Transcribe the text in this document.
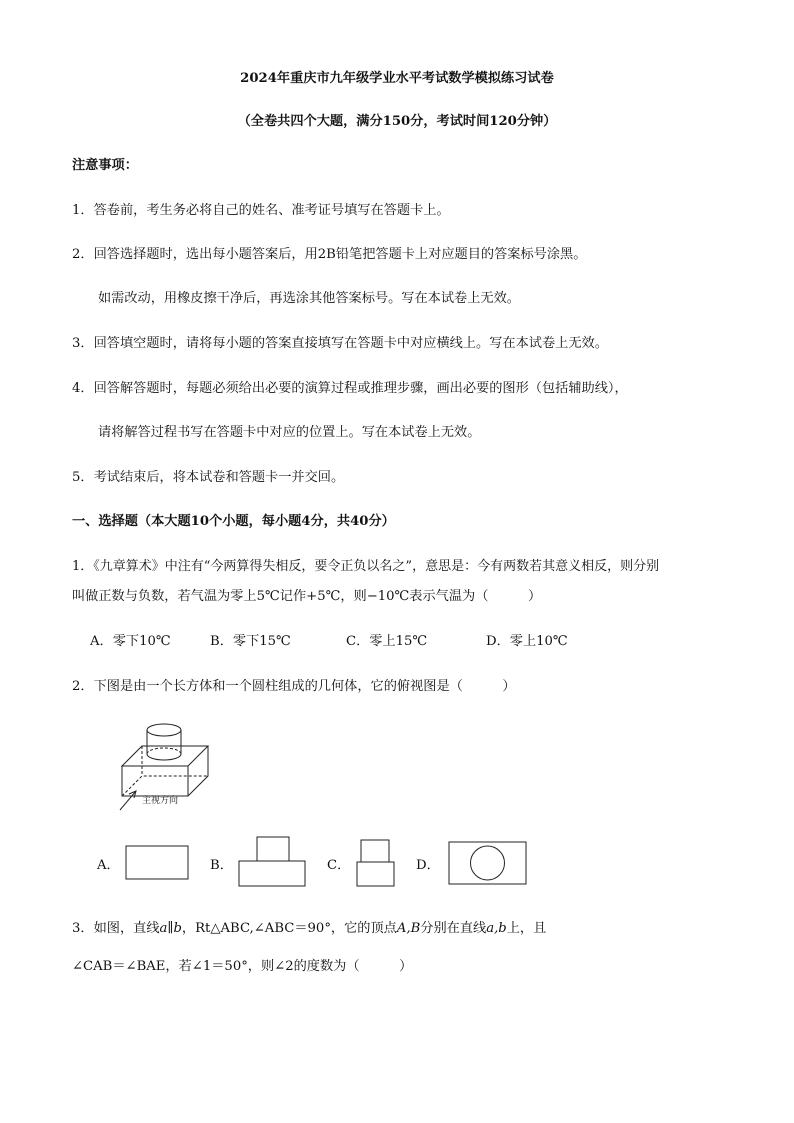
2024年重庆市九年级学业水平考试数学模拟练习试卷
（全卷共四个大题，满分150分，考试时间120分钟）
注意事项：
1．答卷前，考生务必将自己的姓名、准考证号填写在答题卡上。
2．回答选择题时，选出每小题答案后，用2B铅笔把答题卡上对应题目的答案标号涂黑。
如需改动，用橡皮擦干净后，再选涂其他答案标号。写在本试卷上无效。
3．回答填空题时，请将每小题的答案直接填写在答题卡中对应横线上。写在本试卷上无效。
4．回答解答题时，每题必须给出必要的演算过程或推理步骤，画出必要的图形（包括辅助线），
请将解答过程书写在答题卡中对应的位置上。写在本试卷上无效。
5．考试结束后，将本试卷和答题卡一并交回。
一、选择题（本大题10个小题，每小题4分，共40分）
1．《九章算术》中注有“今两算得失相反，要令正负以名之”，意思是：今有两数若其意义相反，则分别
叫做正数与负数，若气温为零上5℃记作+5℃，则−10℃表示气温为（　　　）
A．零下10℃	B．零下15℃	C．零上15℃	D．零上10℃
2．下图是由一个长方体和一个圆柱组成的几何体，它的俯视图是（　　　）
主视方向
A．	B．	C．	D．
3．如图，直线a∥b，Rt△ABC,∠ABC＝90°，它的顶点A,B分别在直线a,b上，且
∠CAB＝∠BAE，若∠1＝50°，则∠2的度数为（　　　）
